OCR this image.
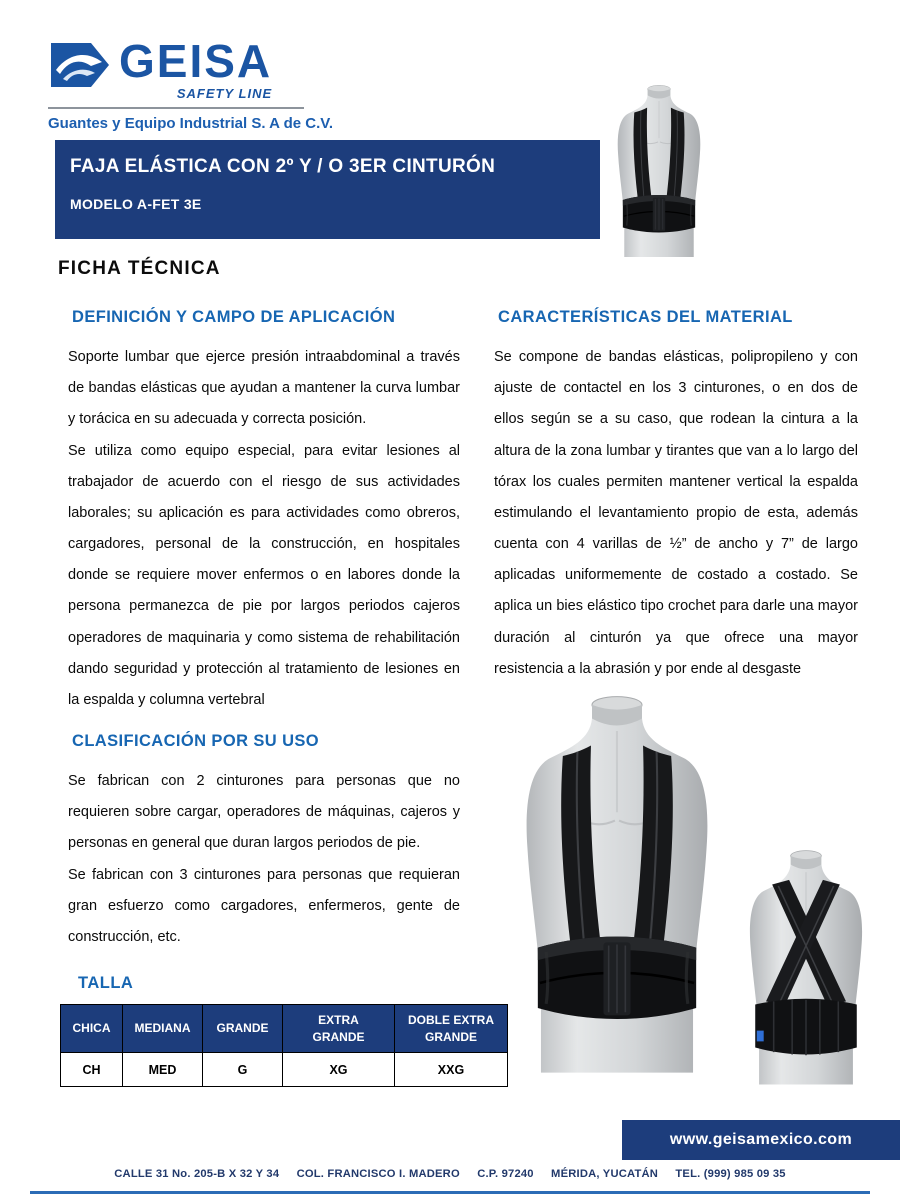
GEISA
SAFETY LINE
Guantes y Equipo Industrial S. A de C.V.
FAJA ELÁSTICA CON 2º Y / O 3ER CINTURÓN
MODELO A-FET 3E
FICHA TÉCNICA
DEFINICIÓN Y CAMPO DE APLICACIÓN

Soporte lumbar que ejerce presión intraabdominal a través de bandas elásticas que ayudan a mantener la curva lumbar y torácica en su adecuada y correcta posición.

Se utiliza como equipo especial, para evitar lesiones al trabajador de acuerdo con el riesgo de sus actividades laborales; su aplicación es para actividades como obreros, cargadores, personal de la construcción, en hospitales donde se requiere mover enfermos o en labores donde la persona permanezca de pie por largos periodos cajeros operadores de maquinaria y como sistema de rehabilitación dando seguridad y protección al tratamiento de lesiones en la espalda y columna vertebral

CARACTERÍSTICAS DEL MATERIAL

Se compone de bandas elásticas, polipropileno y con ajuste de contactel en los 3 cinturones, o en dos de ellos según se a su caso, que rodean la cintura a la altura de la zona lumbar y tirantes que van a lo largo del tórax los cuales permiten mantener vertical la espalda estimulando el levantamiento propio de esta, además cuenta con 4 varillas de ½” de ancho y 7” de largo aplicadas uniformemente de costado a costado. Se aplica un bies elástico tipo crochet para darle una mayor duración al cinturón ya que ofrece una mayor resistencia a la abrasión y por ende al desgaste

CLASIFICACIÓN POR SU USO

Se fabrican con 2 cinturones para personas que no requieren sobre cargar, operadores de máquinas, cajeros y personas en general que duran largos periodos de pie.

Se fabrican con 3 cinturones para personas que requieran gran esfuerzo como cargadores, enfermeros, gente de construcción, etc.

TALLA
CHICA	MEDIANA	GRANDE	EXTRA GRANDE	DOBLE EXTRA GRANDE
CH	MED	G	XG	XXG
www.geisamexico.com
CALLE 31 No. 205-B X 32 Y 34 COL. FRANCISCO I. MADERO C.P. 97240 MÉRIDA, YUCATÁN TEL. (999) 985 09 35
